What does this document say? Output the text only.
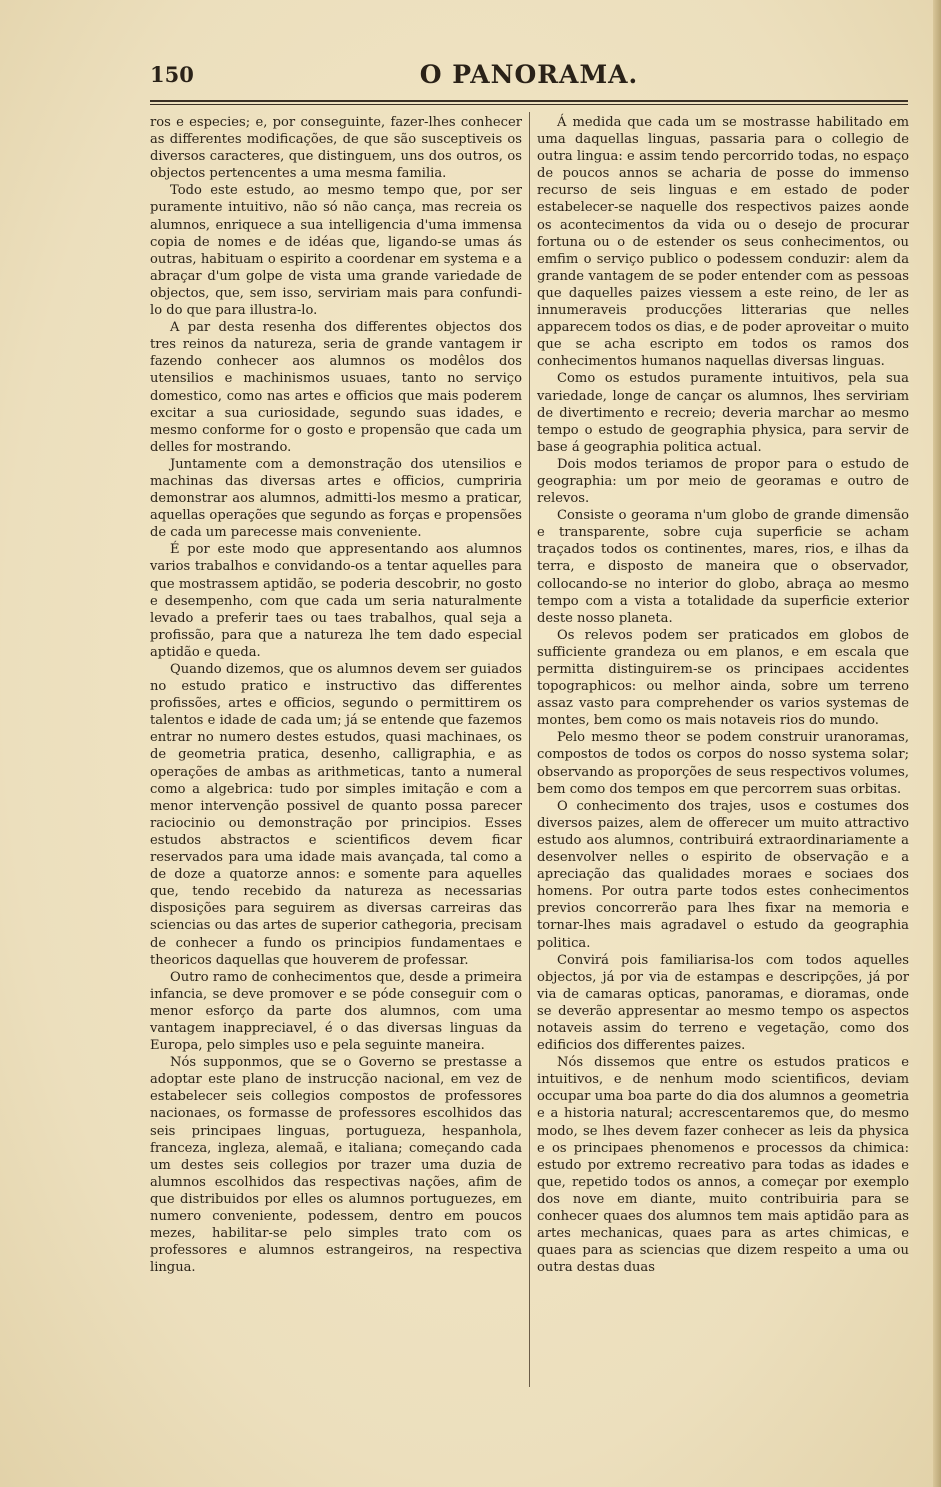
150	O PANORAMA.

ros e especies; e, por conseguinte, fazer-lhes conhecer as differentes modificações, de que são susceptiveis os diversos caracteres, que distinguem, uns dos outros, os objectos pertencentes a uma mesma familia.

Todo este estudo, ao mesmo tempo que, por ser puramente intuitivo, não só não cança, mas recreia os alumnos, enriquece a sua intelligencia d'uma immensa copia de nomes e de idéas que, ligando-se umas ás outras, habituam o espirito a coordenar em systema e a abraçar d'um golpe de vista uma grande variedade de objectos, que, sem isso, serviriam mais para confundi-lo do que para illustra-lo.

A par desta resenha dos differentes objectos dos tres reinos da natureza, seria de grande vantagem ir fazendo conhecer aos alumnos os modêlos dos utensilios e machinismos usuaes, tanto no serviço domestico, como nas artes e officios que mais poderem excitar a sua curiosidade, segundo suas idades, e mesmo conforme for o gosto e propensão que cada um delles for mostrando.

Juntamente com a demonstração dos utensilios e machinas das diversas artes e officios, cumpriria demonstrar aos alumnos, admitti-los mesmo a praticar, aquellas operações que segundo as forças e propensões de cada um parecesse mais conveniente.

É por este modo que appresentando aos alumnos varios trabalhos e convidando-os a tentar aquelles para que mostrassem aptidão, se poderia descobrir, no gosto e desempenho, com que cada um seria naturalmente levado a preferir taes ou taes trabalhos, qual seja a profissão, para que a natureza lhe tem dado especial aptidão e queda.

Quando dizemos, que os alumnos devem ser guiados no estudo pratico e instructivo das differentes profissões, artes e officios, segundo o permittirem os talentos e idade de cada um; já se entende que fazemos entrar no numero destes estudos, quasi machinaes, os de geometria pratica, desenho, calligraphia, e as operações de ambas as arithmeticas, tanto a numeral como a algebrica: tudo por simples imitação e com a menor intervenção possivel de quanto possa parecer raciocinio ou demonstração por principios. Esses estudos abstractos e scientificos devem ficar reservados para uma idade mais avançada, tal como a de doze a quatorze annos: e somente para aquelles que, tendo recebido da natureza as necessarias disposições para seguirem as diversas carreiras das sciencias ou das artes de superior cathegoria, precisam de conhecer a fundo os principios fundamentaes e theoricos daquellas que houverem de professar.

Outro ramo de conhecimentos que, desde a primeira infancia, se deve promover e se póde conseguir com o menor esforço da parte dos alumnos, com uma vantagem inappreciavel, é o das diversas linguas da Europa, pelo simples uso e pela seguinte maneira.

Nós supponmos, que se o Governo se prestasse a adoptar este plano de instrucção nacional, em vez de estabelecer seis collegios compostos de professores nacionaes, os formasse de professores escolhidos das seis principaes linguas, portugueza, hespanhola, franceza, ingleza, alemaã, e italiana; começando cada um destes seis collegios por trazer uma duzia de alumnos escolhidos das respectivas nações, afim de que distribuidos por elles os alumnos portuguezes, em numero conveniente, podessem, dentro em poucos mezes, habilitar-se pelo simples trato com os professores e alumnos estrangeiros, na respectiva lingua.

Á medida que cada um se mostrasse habilitado em uma daquellas linguas, passaria para o collegio de outra lingua: e assim tendo percorrido todas, no espaço de poucos annos se acharia de posse do immenso recurso de seis linguas e em estado de poder estabelecer-se naquelle dos respectivos paizes aonde os acontecimentos da vida ou o desejo de procurar fortuna ou o de estender os seus conhecimentos, ou emfim o serviço publico o podessem conduzir: alem da grande vantagem de se poder entender com as pessoas que daquelles paizes viessem a este reino, de ler as innumeraveis producções litterarias que nelles apparecem todos os dias, e de poder aproveitar o muito que se acha escripto em todos os ramos dos conhecimentos humanos naquellas diversas linguas.

Como os estudos puramente intuitivos, pela sua variedade, longe de cançar os alumnos, lhes serviriam de divertimento e recreio; deveria marchar ao mesmo tempo o estudo de geographia physica, para servir de base á geographia politica actual.

Dois modos teriamos de propor para o estudo de geographia: um por meio de georamas e outro de relevos.

Consiste o georama n'um globo de grande dimensão e transparente, sobre cuja superficie se acham traçados todos os continentes, mares, rios, e ilhas da terra, e disposto de maneira que o observador, collocando-se no interior do globo, abraça ao mesmo tempo com a vista a totalidade da superficie exterior deste nosso planeta.

Os relevos podem ser praticados em globos de sufficiente grandeza ou em planos, e em escala que permitta distinguirem-se os principaes accidentes topographicos: ou melhor ainda, sobre um terreno assaz vasto para comprehender os varios systemas de montes, bem como os mais notaveis rios do mundo.

Pelo mesmo theor se podem construir uranoramas, compostos de todos os corpos do nosso systema solar; observando as proporções de seus respectivos volumes, bem como dos tempos em que percorrem suas orbitas.

O conhecimento dos trajes, usos e costumes dos diversos paizes, alem de offerecer um muito attractivo estudo aos alumnos, contribuirá extraordinariamente a desenvolver nelles o espirito de observação e a apreciação das qualidades moraes e sociaes dos homens. Por outra parte todos estes conhecimentos previos concorrerão para lhes fixar na memoria e tornar-lhes mais agradavel o estudo da geographia politica.

Convirá pois familiarisa-los com todos aquelles objectos, já por via de estampas e descripções, já por via de camaras opticas, panoramas, e dioramas, onde se deverão appresentar ao mesmo tempo os aspectos notaveis assim do terreno e vegetação, como dos edificios dos differentes paizes.

Nós dissemos que entre os estudos praticos e intuitivos, e de nenhum modo scientificos, deviam occupar uma boa parte do dia dos alumnos a geometria e a historia natural; accrescentaremos que, do mesmo modo, se lhes devem fazer conhecer as leis da physica e os principaes phenomenos e processos da chimica: estudo por extremo recreativo para todas as idades e que, repetido todos os annos, a começar por exemplo dos nove em diante, muito contribuiria para se conhecer quaes dos alumnos tem mais aptidão para as artes mechanicas, quaes para as artes chimicas, e quaes para as sciencias que dizem respeito a uma ou outra destas duas
